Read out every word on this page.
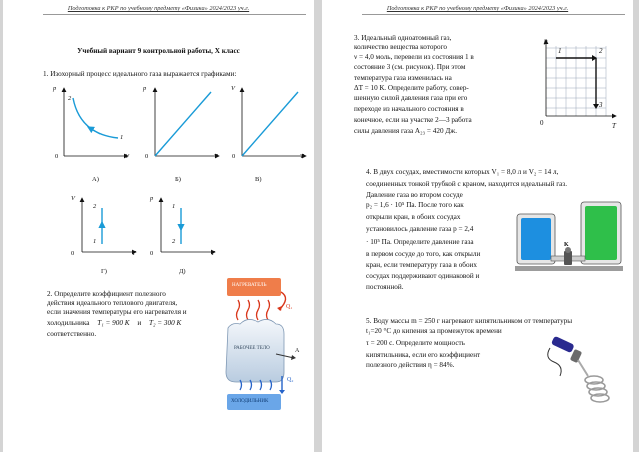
Подготовка к РКР по учебному предмету «Физика» 2024/2023 уч.г.
Учебный вариант 9 контрольной работы, X класс
1. Изохорный процесс идеального газа выражается графиками:
p
2
1
0	V
А)
p
0	T
Б)
V
0	T
В)
V
2
1
0	T
Г)
p
1
2
0	T
Д)
2. Определите коэффициент полезного
действия идеального теплового двигателя,
если значения температуры его нагревателя и
холодильника T₁ = 900 К и T₂ = 300 К
соответственно.
НАГРЕВАТЕЛЬ
Q₁
РАБОЧЕЕ ТЕЛО	A
Q₂
ХОЛОДИЛЬНИК
Подготовка к РКР по учебному предмету «Физика» 2024/2023 уч.г.
3. Идеальный одноатомный газ,
количество вещества которого
ν = 4,0 моль, перевели из состояния 1 в
состояние 3 (см. рисунок). При этом
температура газа изменилась на
ΔT = 10 К. Определите работу, совер-
шенную силой давления газа при его
переходе из начального состояния в
конечное, если на участке 2—3 работа
силы давления газа A₂₃ = 420 Дж.
p
1	2
3
0	T
4. В двух сосудах, вместимости которых V₁ = 8,0 л и V₂ = 14 л,
соединенных тонкой трубкой с краном, находится идеальный газ.
Давление газа во втором сосуде
p₂ = 1,6 · 10⁵ Па. После того как
открыли кран, в обоих сосудах
установилось давление газа p = 2,4
· 10⁵ Па. Определите давление газа
в первом сосуде до того, как открыли
кран, если температуру газа в обоих
сосудах поддерживают одинаковой и
постоянной.
K
5. Воду массы m = 250 г нагревают кипятильником от температуры
t₁=20 °C до кипения за промежуток времени
τ = 200 с. Определите мощность
кипятильника, если его коэффициент
полезного действия η = 84%.
